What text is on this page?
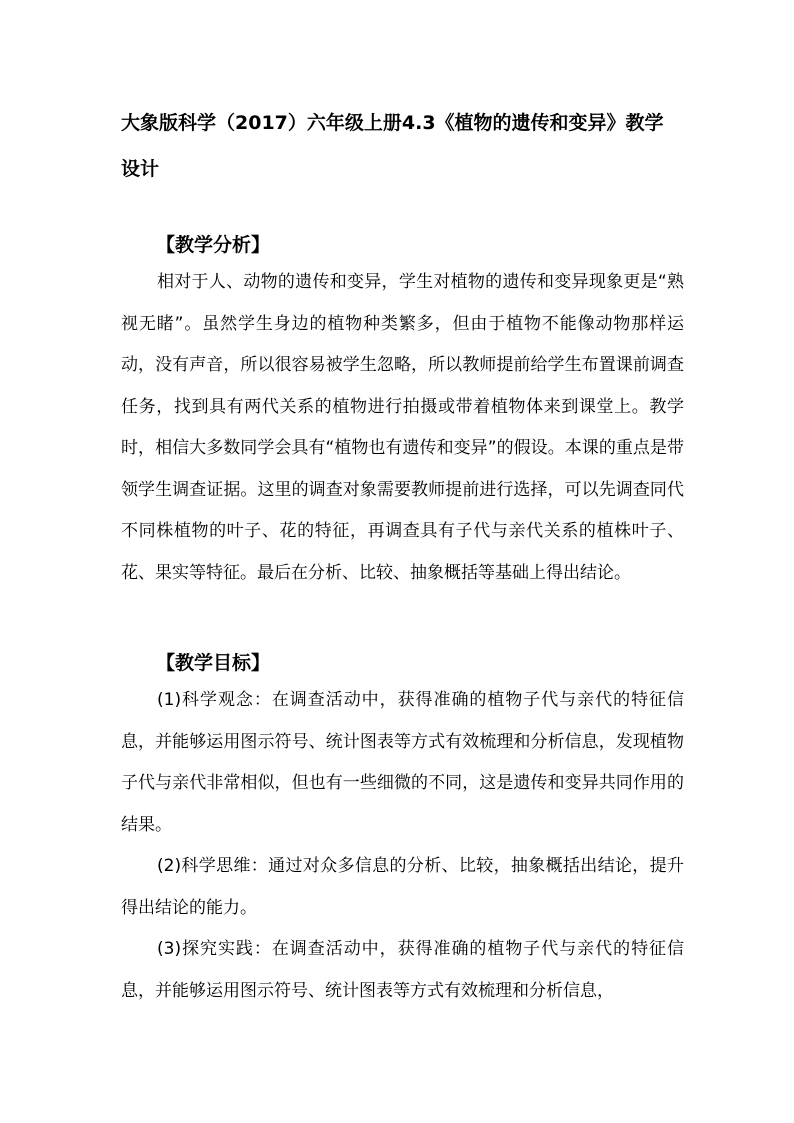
大象版科学（2017）六年级上册4.3《植物的遗传和变异》教学设计
【教学分析】

相对于人、动物的遗传和变异，学生对植物的遗传和变异现象更是“熟视无睹”。虽然学生身边的植物种类繁多，但由于植物不能像动物那样运动，没有声音，所以很容易被学生忽略，所以教师提前给学生布置课前调查任务，找到具有两代关系的植物进行拍摄或带着植物体来到课堂上。教学时，相信大多数同学会具有“植物也有遗传和变异”的假设。本课的重点是带领学生调查证据。这里的调查对象需要教师提前进行选择，可以先调查同代不同株植物的叶子、花的特征，再调查具有子代与亲代关系的植株叶子、花、果实等特征。最后在分析、比较、抽象概括等基础上得出结论。

【教学目标】

(1)科学观念：在调查活动中，获得准确的植物子代与亲代的特征信息，并能够运用图示符号、统计图表等方式有效梳理和分析信息，发现植物子代与亲代非常相似，但也有一些细微的不同，这是遗传和变异共同作用的结果。

(2)科学思维：通过对众多信息的分析、比较，抽象概括出结论，提升得出结论的能力。

(3)探究实践：在调查活动中，获得准确的植物子代与亲代的特征信息，并能够运用图示符号、统计图表等方式有效梳理和分析信息，
